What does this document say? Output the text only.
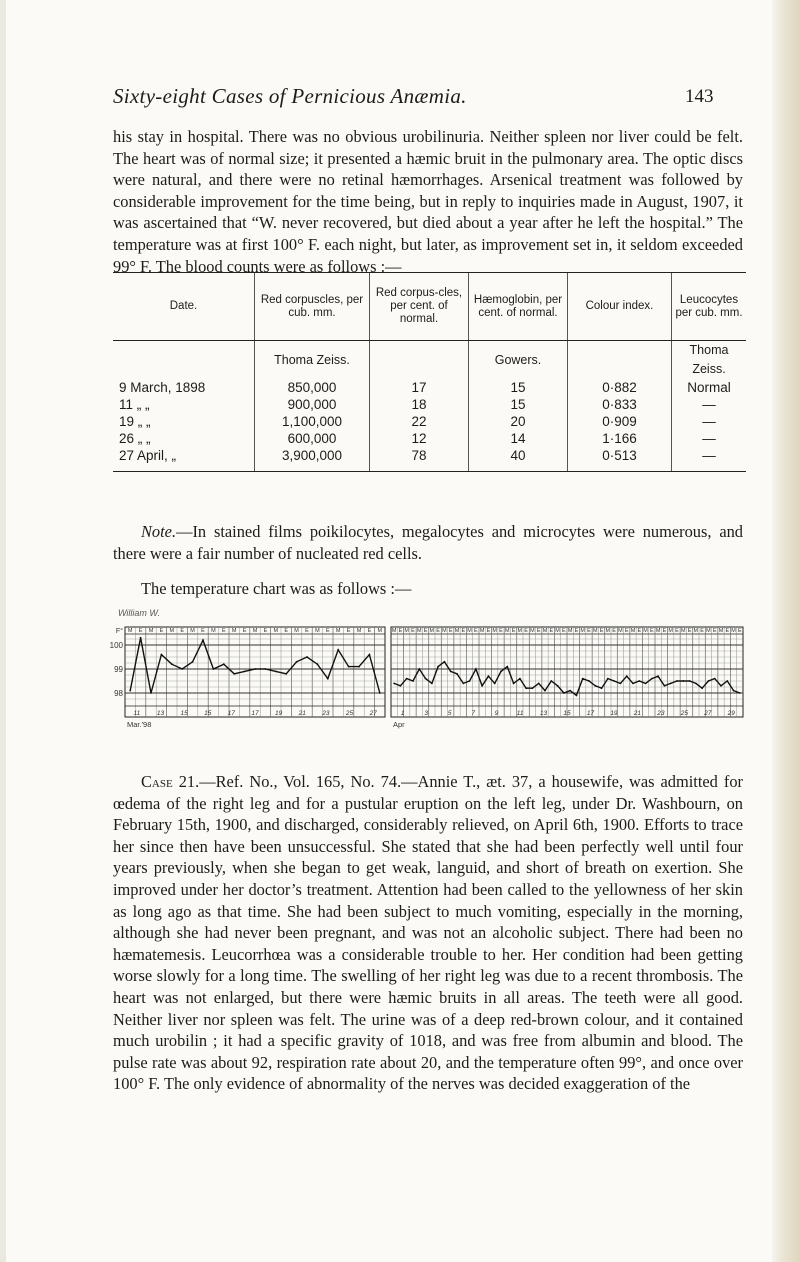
Sixty-eight Cases of Pernicious Anæmia.	143

his stay in hospital. There was no obvious urobilinuria. Neither spleen nor liver could be felt. The heart was of normal size; it presented a hæmic bruit in the pulmonary area. The optic discs were natural, and there were no retinal hæmorrhages. Arsenical treatment was followed by considerable improvement for the time being, but in reply to inquiries made in August, 1907, it was ascertained that “W. never recovered, but died about a year after he left the hospital.” The temperature was at first 100° F. each night, but later, as improvement set in, it seldom exceeded 99° F. The blood counts were as follows :—

Date.	Red corpuscles, per cub. mm.	Red corpus-cles, per cent. of normal.	Hæmoglobin, per cent. of normal.	Colour index.	Leucocytes per cub. mm.
	Thoma Zeiss.		Gowers.		Thoma Zeiss.
9 March, 1898	850,000	17	15	0·882	Normal
11 „ „	900,000	18	15	0·833	—
19 „ „	1,100,000	22	20	0·909	—
26 „ „	600,000	12	14	1·166	—
27 April, „	3,900,000	78	40	0·513	—

Note.—In stained films poikilocytes, megalocytes and microcytes were numerous, and there were a fair number of nucleated red cells.

The temperature chart was as follows :—

William W.
M E M E M E M E M E M E M E M E M E M E M E M E M
100
99
98
F°
11	13	15	15	17	17	19	21	23	25	27
Mar.'98
M E M E M E M E M E M E M E M E M E M E M E M E M E M E M E M E M E M E M E M E M E M E M E M E M E M E M E M E
1	3	5	7	9	11	13 15 17 19 21 23 25 27 29
Apr

Case 21.—Ref. No., Vol. 165, No. 74.—Annie T., æt. 37, a housewife, was admitted for œdema of the right leg and for a pustular eruption on the left leg, under Dr. Washbourn, on February 15th, 1900, and discharged, considerably relieved, on April 6th, 1900. Efforts to trace her since then have been unsuccessful. She stated that she had been perfectly well until four years previously, when she began to get weak, languid, and short of breath on exertion. She improved under her doctor’s treatment. Attention had been called to the yellowness of her skin as long ago as that time. She had been subject to much vomiting, especially in the morning, although she had never been pregnant, and was not an alcoholic subject. There had been no hæmatemesis. Leucorrhœa was a considerable trouble to her. Her condition had been getting worse slowly for a long time. The swelling of her right leg was due to a recent thrombosis. The heart was not enlarged, but there were hæmic bruits in all areas. The teeth were all good. Neither liver nor spleen was felt. The urine was of a deep red-brown colour, and it contained much urobilin ; it had a specific gravity of 1018, and was free from albumin and blood. The pulse rate was about 92, respiration rate about 20, and the temperature often 99°, and once over 100° F. The only evidence of abnormality of the nerves was decided exaggeration of the
